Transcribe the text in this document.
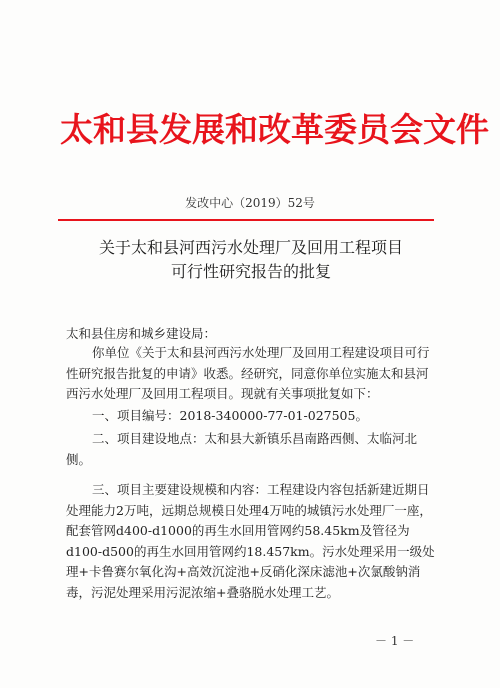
太和县发展和改革委员会文件
发改中心（2019）52号
关于太和县河西污水处理厂及回用工程项目
可行性研究报告的批复
太和县住房和城乡建设局：
你单位《关于太和县河西污水处理厂及回用工程建设项目可行性研究报告批复的申请》收悉。经研究，同意你单位实施太和县河西污水处理厂及回用工程项目。现就有关事项批复如下：
一、项目编号：2018-340000-77-01-027505。
二、项目建设地点：太和县大新镇乐昌南路西侧、太临河北侧。
三、项目主要建设规模和内容：工程建设内容包括新建近期日处理能力2万吨，远期总规模日处理4万吨的城镇污水处理厂一座，配套管网d400-d1000的再生水回用管网约58.45km及管径为d100-d500的再生水回用管网约18.457km。污水处理采用一级处理+卡鲁赛尔氧化沟+高效沉淀池+反硝化深床滤池+次氯酸钠消毒，污泥处理采用污泥浓缩+叠骆脱水处理工艺。
－ 1 －
